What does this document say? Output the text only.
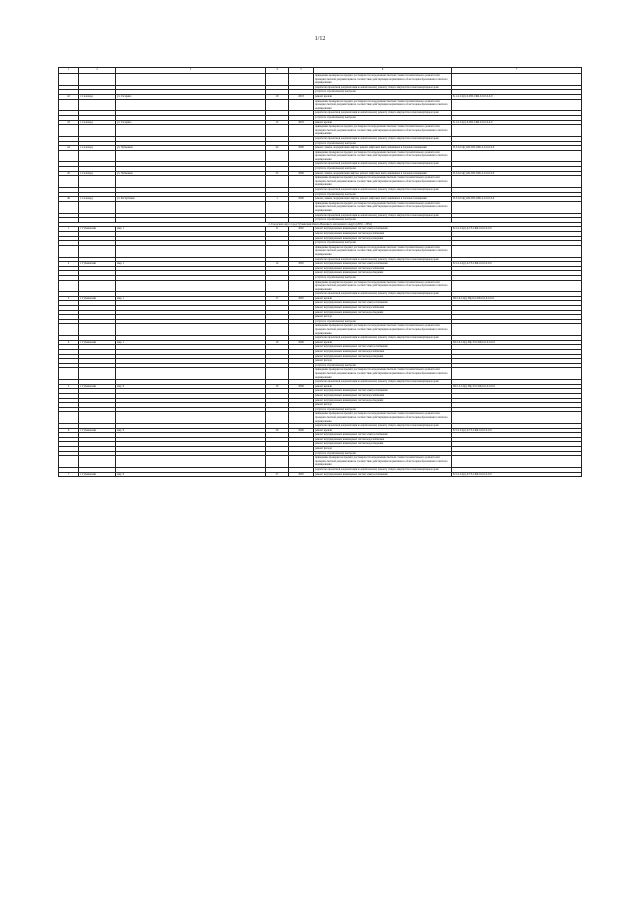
1/12
1	2	3	4	5	6	7
					приведение проверки на предмет достоверности определения сметной стоимости капитального ремонта или проверки сметной документации на соответствие действующим нормативам в области ценообразования в сметного нормирования	
					разработка проектной документации на капитальному ремонту общего имущества в многоквартирном доме	
					услуги по строительному контролю	
42	г. Салехард	ул. Гагарина	10	2018	ремонт кровли	Б-1-2-Сп(г)-0-ПП-СКБ-0-0-0-0-0-0
					приведение проверки на предмет достоверности определения сметной стоимости капитального ремонта или проверки сметной документации на соответствие действующим нормативам в области ценообразования в сметного нормирования	
					разработка проектной документации на капитальному ремонту общего имущества в многоквартирном доме	
					услуги по строительному контролю	
43	г. Салехард	ул. Гагарина	12	2018	ремонт кровли	Б-1-2-Сп(г)-0-ПП-СКБ-0-0-0-0-0-0
					приведение проверки на предмет достоверности определения сметной стоимости капитального ремонта или проверки сметной документации на соответствие действующим нормативам в области ценообразования в сметного нормирования	
					разработка проектной документации на капитальному ремонту общего имущества в многоквартирном доме	
					услуги по строительному контролю	
44	г. Салехард	ул. Чубынина	24	2006	ремонт, замена, модернизация лифтов, ремонт лифтовых шахт, машинных и блочных помещений	П-3-6-Сп(г)-Ш-ПП-СКБ-2-0-0-0-0-0
					приведение проверки на предмет достоверности определения сметной стоимости капитального ремонта или проверки сметной документации на соответствие действующим нормативам в области ценообразования в сметного нормирования	
					разработка проектной документации на капитальному ремонту общего имущества в многоквартирном доме	
					услуги по строительному контролю	
45	г. Салехард	ул. Чубынина	25	2006	ремонт, замена, модернизация лифтов, ремонт лифтовых шахт, машинных и блочных помещений	П-3-6-Сп(г)-Ш-ПП-СКБ-2-0-0-0-0-0
					приведение проверки на предмет достоверности определения сметной стоимости капитального ремонта или проверки сметной документации на соответствие действующим нормативам в области ценообразования в сметного нормирования	
					разработка проектной документации на капитальному ремонту общего имущества в многоквартирном доме	
					услуги по строительному контролю	
46	г. Салехард	ул. Республики	1	2006	ремонт, замена, модернизация лифтов, ремонт лифтовых шахт, машинных и блочных помещений	П-3-6-Сп(г)-Ш-ПП-СКБ-2-0-0-0-0-0
					приведение проверки на предмет достоверности определения сметной стоимости капитального ремонта или проверки сметной документации на соответствие действующим нормативам в области ценообразования в сметного нормирования	
					разработка проектной документации на капитальному ремонту общего имущества в многоквартирном доме	
					услуги по строительному контролю	
2. Городской округ город Губкинский Ямало-Ненецкого автономного округа (2032 – 2034)						
1	г. Губкинский	мкр. 1	11	2002	ремонт внутридомовых инженерных систем электроснабжения	Б-5-2-Сп(г)-0-ТЗ-СКБ-0-0-0-0-0-0
					ремонт внутридомовых инженерных систем водоснабжения	
					ремонт внутридомовых инженерных систем водоотведения	
					услуги по строительному контролю	
					приведение проверки на предмет достоверности определения сметной стоимости капитального ремонта или проверки сметной документации на соответствие действующим нормативам в области ценообразования в сметного нормирования	
					разработка проектной документации на капитальному ремонту общего имущества в многоквартирном доме	
2	г. Губкинский	мкр. 1	14	2002	ремонт внутридомовых инженерных систем электроснабжения	Б-5-2-Сп(г)-0-ТЗ-СКБ-0-0-0-0-0-0
					ремонт внутридомовых инженерных систем водоснабжения	
					ремонт внутридомовых инженерных систем водоотведения	
					услуги по строительному контролю	
					приведение проверки на предмет достоверности определения сметной стоимости капитального ремонта или проверки сметной документации на соответствие действующим нормативам в области ценообразования в сметного нормирования	
					разработка проектной документации на капитальному ремонту общего имущества в многоквартирном доме	
3	г. Губкинский	мкр. 1	17	2005	ремонт кровли	Ш-5-6-Сп(г)-Вф-Ц-СКБ-0-0-0-0-0-0
					ремонт внутридомовых инженерных систем электроснабжения	
					ремонт внутридомовых инженерных систем водоснабжения	
					ремонт внутридомовых инженерных систем водоотведения	
					ремонт фасада	
					услуги по строительному контролю	
					приведение проверки на предмет достоверности определения сметной стоимости капитального ремонта или проверки сметной документации на соответствие действующим нормативам в области ценообразования в сметного нормирования	
					разработка проектной документации на капитальному ремонту общего имущества в многоквартирном доме	
4	г. Губкинский	мкр. 1	19	2006	ремонт кровли	Ш-5-6-Сп(г)-Вф-ТЗ-СКБ-0-0-0-0-0-0
					ремонт внутридомовых инженерных систем электроснабжения	
					ремонт внутридомовых инженерных систем водоснабжения	
					ремонт внутридомовых инженерных систем водоотведения	
					ремонт фасада	
					услуги по строительному контролю	
					приведение проверки на предмет достоверности определения сметной стоимости капитального ремонта или проверки сметной документации на соответствие действующим нормативам в области ценообразования в сметного нормирования	
					разработка проектной документации на капитальному ремонту общего имущества в многоквартирном доме	
5	г. Губкинский	мкр. 9	19	2006	ремонт кровли	Ш-5-5-Сп(г)-Вф-ТЗ-СКБ-0-0-0-0-0-0
					ремонт внутридомовых инженерных систем электроснабжения	
					ремонт внутридомовых инженерных систем водоснабжения	
					ремонт внутридомовых инженерных систем водоотведения	
					ремонт фасада	
					услуги по строительному контролю	
					приведение проверки на предмет достоверности определения сметной стоимости капитального ремонта или проверки сметной документации на соответствие действующим нормативам в области ценообразования в сметного нормирования	
					разработка проектной документации на капитальному ремонту общего имущества в многоквартирном доме	
6	г. Губкинский	мкр. 9	26	2006	ремонт кровли	Б-5-2-Сп(г)-0-ТЗ-СКБ-0-0-0-0-0-0
					ремонт внутридомовых инженерных систем электроснабжения	
					ремонт внутридомовых инженерных систем водоснабжения	
					ремонт внутридомовых инженерных систем водоотведения	
					ремонт фасада	
					услуги по строительному контролю	
					приведение проверки на предмет достоверности определения сметной стоимости капитального ремонта или проверки сметной документации на соответствие действующим нормативам в области ценообразования в сметного нормирования	
					разработка проектной документации на капитальному ремонту общего имущества в многоквартирном доме	
7	г. Губкинский	мкр. 9	27	2005	ремонт внутридомовых инженерных систем электроснабжения	Б-5-2-Сп(г)-0-ТЗ-СКБ-0-0-0-0-0-0
